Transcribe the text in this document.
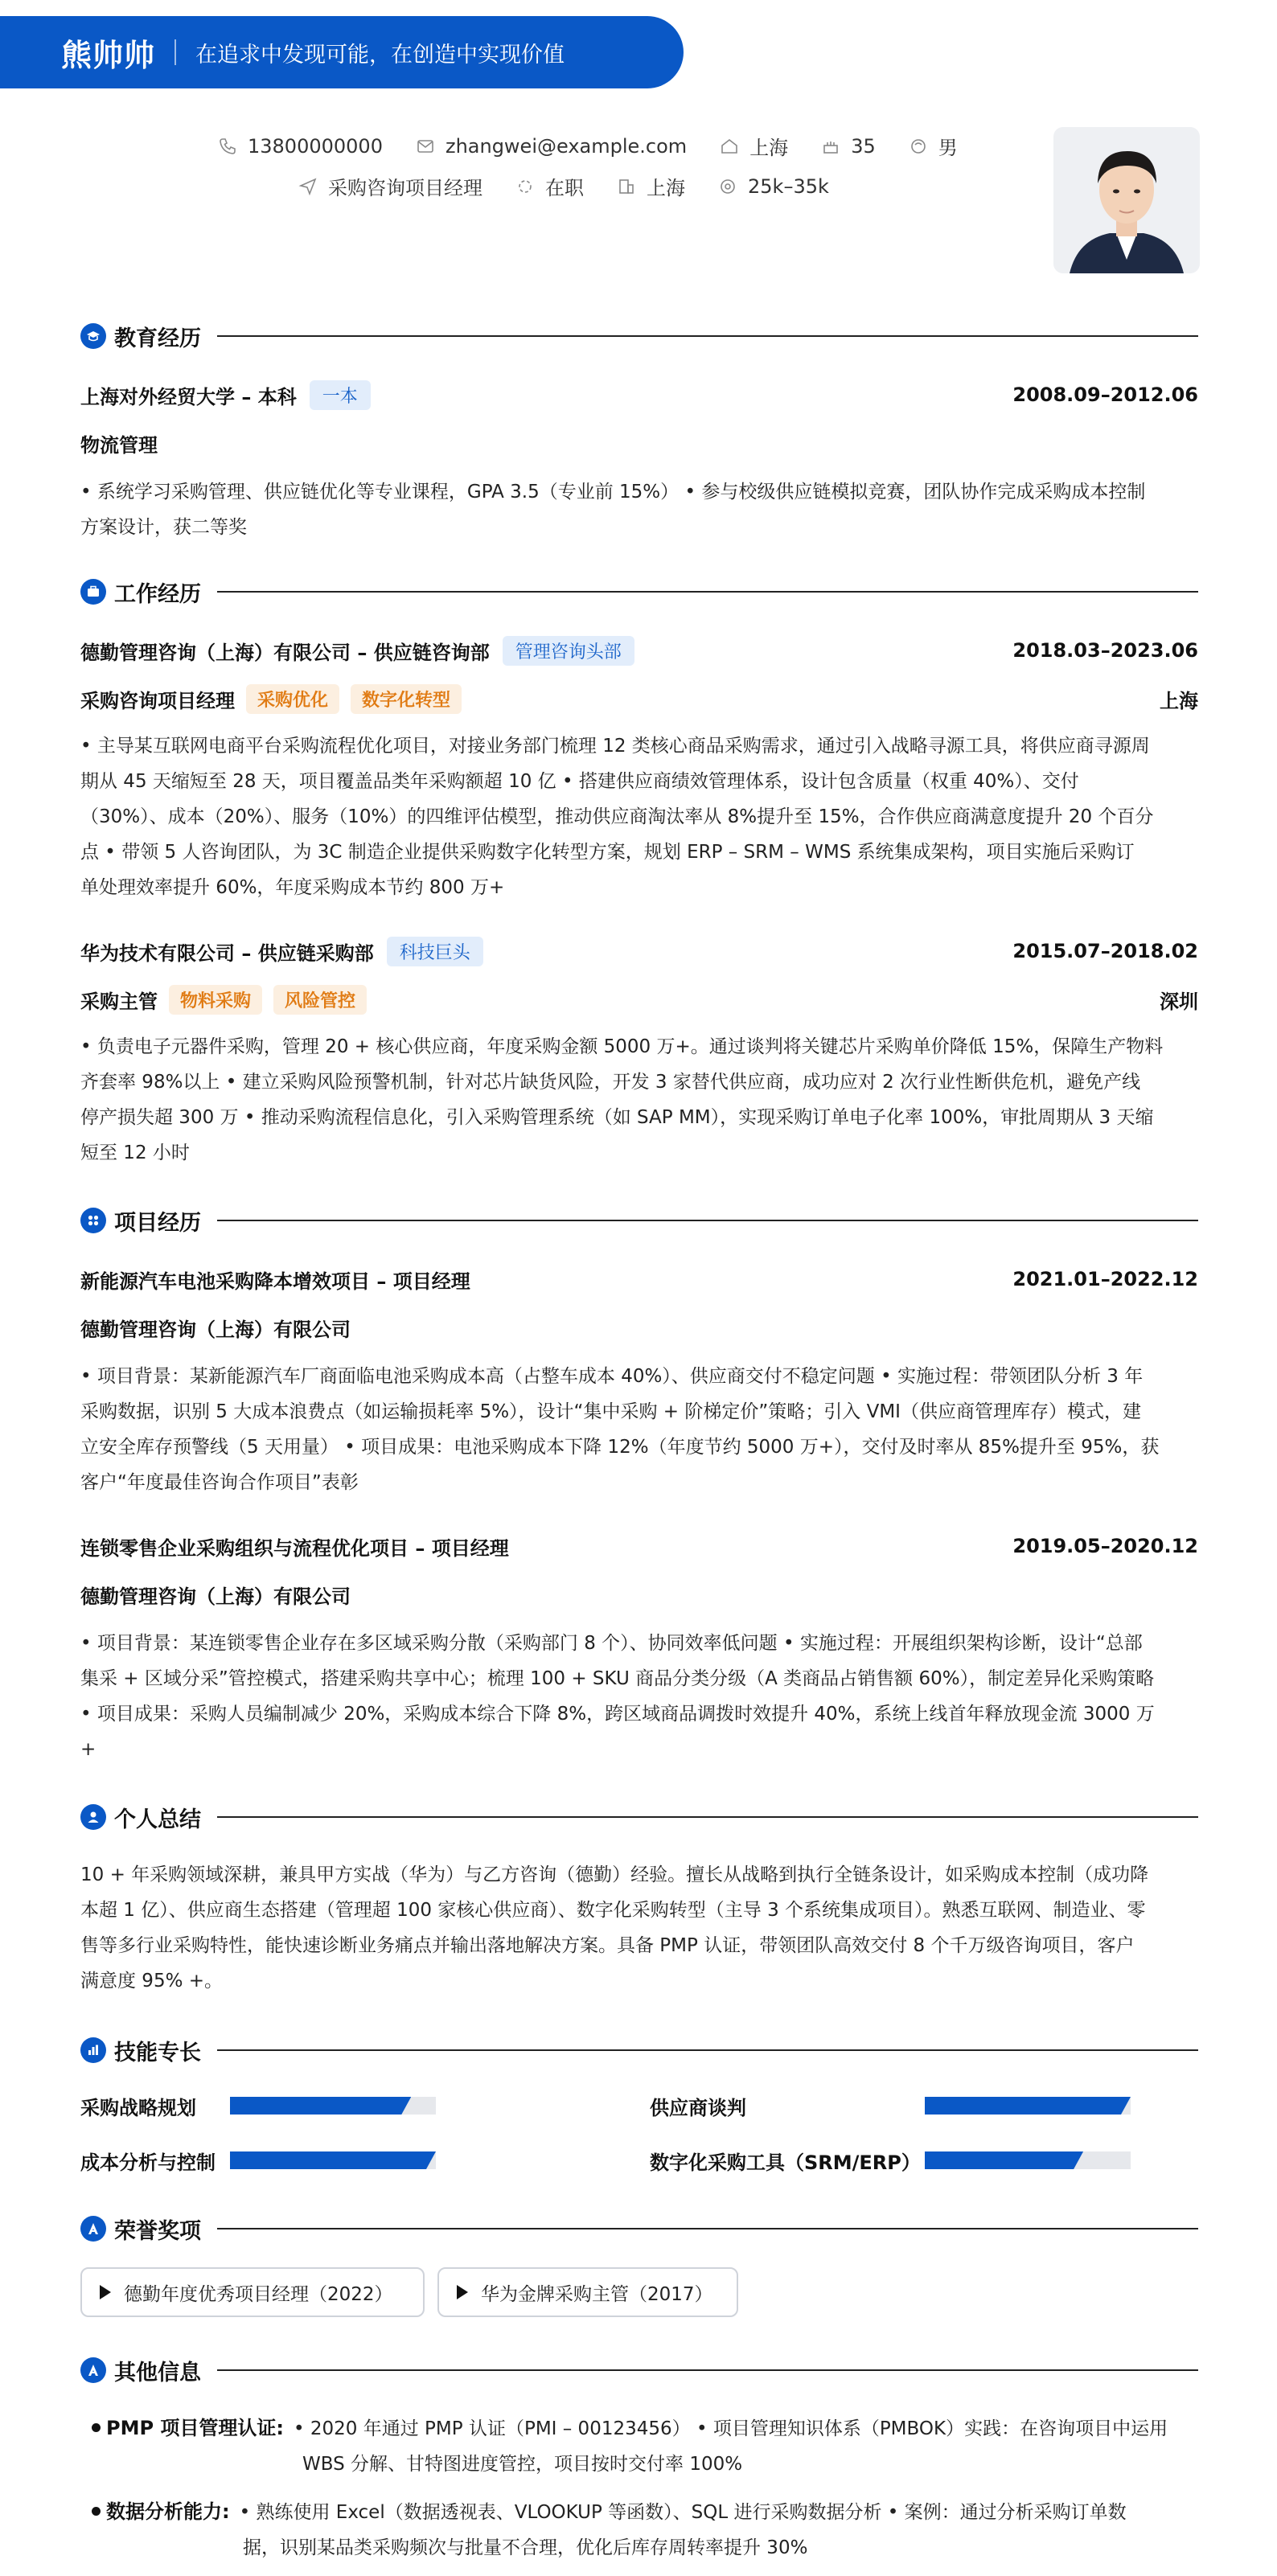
熊帅帅 在追求中发现可能，在创造中实现价值
13800000000	zhangwei@example.com	上海	35	男
采购咨询项目经理	在职	上海	25k–35k
教育经历
上海对外经贸大学 – 本科	一本	2008.09–2012.06
物流管理
• 系统学习采购管理、供应链优化等专业课程，GPA 3.5（专业前 15%） • 参与校级供应链模拟竞赛，团队协作完成采购成本控制
方案设计，获二等奖
工作经历
德勤管理咨询（上海）有限公司 – 供应链咨询部	管理咨询头部	2018.03–2023.06
采购咨询项目经理	采购优化	数字化转型	上海
• 主导某互联网电商平台采购流程优化项目，对接业务部门梳理 12 类核心商品采购需求，通过引入战略寻源工具，将供应商寻源周
期从 45 天缩短至 28 天，项目覆盖品类年采购额超 10 亿 • 搭建供应商绩效管理体系，设计包含质量（权重 40%）、交付
（30%）、成本（20%）、服务（10%）的四维评估模型，推动供应商淘汰率从 8%提升至 15%，合作供应商满意度提升 20 个百分
点 • 带领 5 人咨询团队，为 3C 制造企业提供采购数字化转型方案，规划 ERP – SRM – WMS 系统集成架构，项目实施后采购订
单处理效率提升 60%，年度采购成本节约 800 万+
华为技术有限公司 – 供应链采购部	科技巨头	2015.07–2018.02
采购主管	物料采购	风险管控	深圳
• 负责电子元器件采购，管理 20 + 核心供应商，年度采购金额 5000 万+。通过谈判将关键芯片采购单价降低 15%，保障生产物料
齐套率 98%以上 • 建立采购风险预警机制，针对芯片缺货风险，开发 3 家替代供应商，成功应对 2 次行业性断供危机，避免产线
停产损失超 300 万 • 推动采购流程信息化，引入采购管理系统（如 SAP MM），实现采购订单电子化率 100%，审批周期从 3 天缩
短至 12 小时
项目经历
新能源汽车电池采购降本增效项目 – 项目经理	2021.01–2022.12
德勤管理咨询（上海）有限公司
• 项目背景：某新能源汽车厂商面临电池采购成本高（占整车成本 40%）、供应商交付不稳定问题 • 实施过程：带领团队分析 3 年
采购数据，识别 5 大成本浪费点（如运输损耗率 5%），设计“集中采购 + 阶梯定价”策略；引入 VMI（供应商管理库存）模式，建
立安全库存预警线（5 天用量） • 项目成果：电池采购成本下降 12%（年度节约 5000 万+），交付及时率从 85%提升至 95%，获
客户“年度最佳咨询合作项目”表彰
连锁零售企业采购组织与流程优化项目 – 项目经理	2019.05–2020.12
德勤管理咨询（上海）有限公司
• 项目背景：某连锁零售企业存在多区域采购分散（采购部门 8 个）、协同效率低问题 • 实施过程：开展组织架构诊断，设计“总部
集采 + 区域分采”管控模式，搭建采购共享中心；梳理 100 + SKU 商品分类分级（A 类商品占销售额 60%），制定差异化采购策略
• 项目成果：采购人员编制减少 20%，采购成本综合下降 8%，跨区域商品调拨时效提升 40%，系统上线首年释放现金流 3000 万
+
个人总结
10 + 年采购领域深耕，兼具甲方实战（华为）与乙方咨询（德勤）经验。擅长从战略到执行全链条设计，如采购成本控制（成功降
本超 1 亿）、供应商生态搭建（管理超 100 家核心供应商）、数字化采购转型（主导 3 个系统集成项目）。熟悉互联网、制造业、零
售等多行业采购特性，能快速诊断业务痛点并输出落地解决方案。具备 PMP 认证，带领团队高效交付 8 个千万级咨询项目，客户
满意度 95% +。
技能专长
采购战略规划	供应商谈判
成本分析与控制	数字化采购工具（SRM/ERP）
荣誉奖项
德勤年度优秀项目经理（2022）	华为金牌采购主管（2017）
其他信息
PMP 项目管理认证: • 2020 年通过 PMP 认证（PMI – 00123456） • 项目管理知识体系（PMBOK）实践：在咨询项目中运用
WBS 分解、甘特图进度管控，项目按时交付率 100%
数据分析能力: • 熟练使用 Excel（数据透视表、VLOOKUP 等函数）、SQL 进行采购数据分析 • 案例：通过分析采购订单数
据，识别某品类采购频次与批量不合理，优化后库存周转率提升 30%
